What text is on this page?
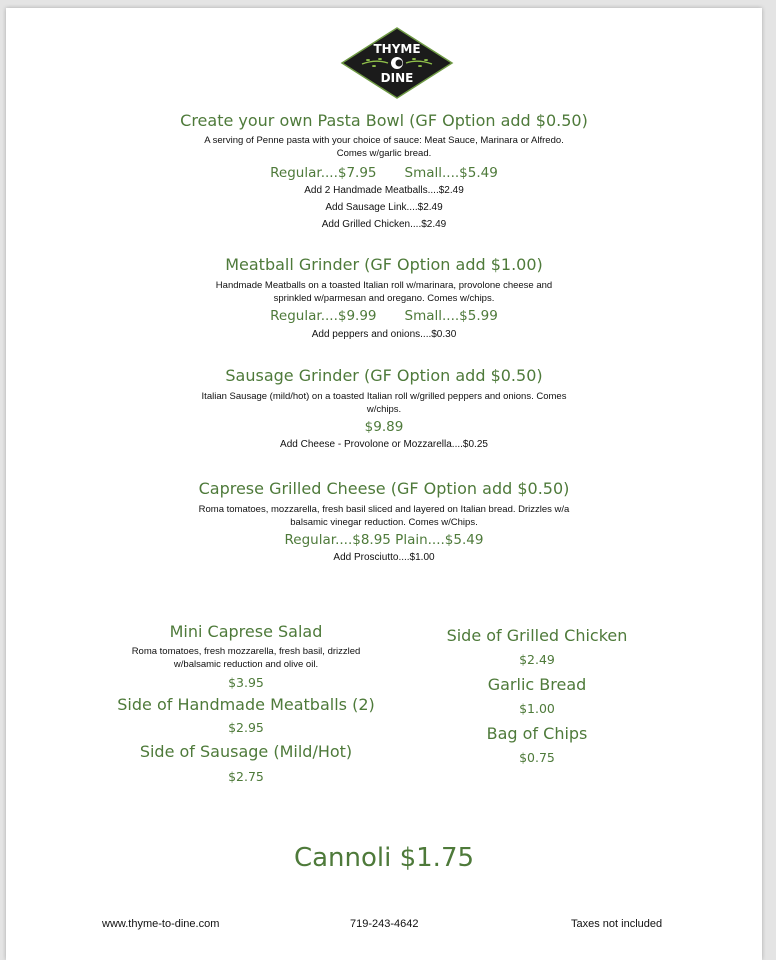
THYME
DINE
Create your own Pasta Bowl (GF Option add $0.50)
A serving of Penne pasta with your choice of sauce: Meat Sauce, Marinara or Alfredo.
Comes w/garlic bread.
Regular....$7.95 Small....$5.49
Add 2 Handmade Meatballs....$2.49
Add Sausage Link....$2.49
Add Grilled Chicken....$2.49
Meatball Grinder (GF Option add $1.00)
Handmade Meatballs on a toasted Italian roll w/marinara, provolone cheese and
sprinkled w/parmesan and oregano. Comes w/chips.
Regular....$9.99 Small....$5.99
Add peppers and onions....$0.30
Sausage Grinder (GF Option add $0.50)
Italian Sausage (mild/hot) on a toasted Italian roll w/grilled peppers and onions. Comes
w/chips.
$9.89
Add Cheese - Provolone or Mozzarella....$0.25
Caprese Grilled Cheese (GF Option add $0.50)
Roma tomatoes, mozzarella, fresh basil sliced and layered on Italian bread. Drizzles w/a
balsamic vinegar reduction. Comes w/Chips.
Regular....$8.95 Plain....$5.49
Add Prosciutto....$1.00
Mini Caprese Salad
Roma tomatoes, fresh mozzarella, fresh basil, drizzled
w/balsamic reduction and olive oil.
$3.95
Side of Handmade Meatballs (2)
$2.95
Side of Sausage (Mild/Hot)
$2.75
Side of Grilled Chicken
$2.49
Garlic Bread
$1.00
Bag of Chips
$0.75
Cannoli $1.75
www.thyme-to-dine.com	719-243-4642	Taxes not included
